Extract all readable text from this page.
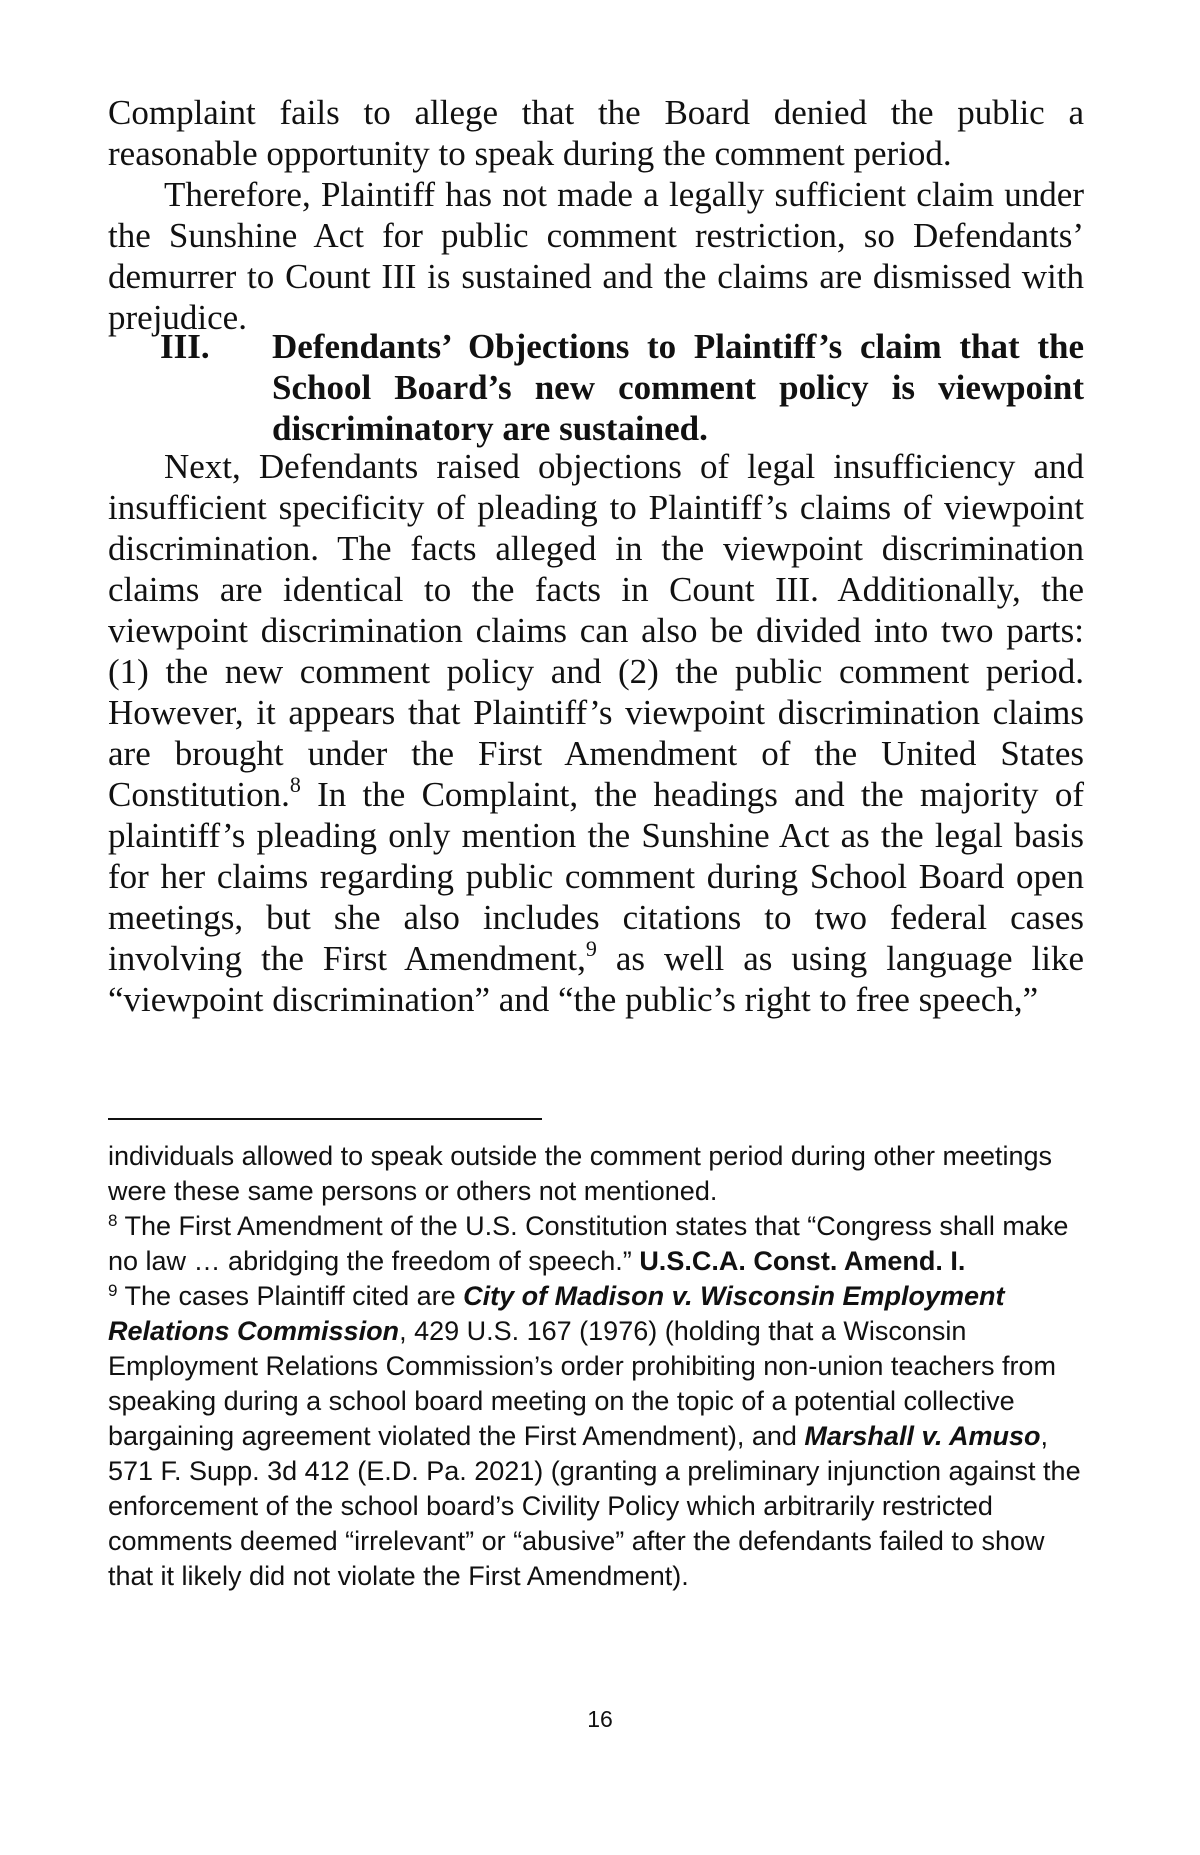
Complaint fails to allege that the Board denied the public a reasonable opportunity to speak during the comment period.

Therefore, Plaintiff has not made a legally sufficient claim under the Sunshine Act for public comment restriction, so Defendants’ demurrer to Count III is sustained and the claims are dismissed with prejudice.

III. Defendants’ Objections to Plaintiff’s claim that the School Board’s new comment policy is viewpoint discriminatory are sustained.

Next, Defendants raised objections of legal insufficiency and insufficient specificity of pleading to Plaintiff’s claims of viewpoint discrimination. The facts alleged in the viewpoint discrimination claims are identical to the facts in Count III. Additionally, the viewpoint discrimination claims can also be divided into two parts: (1) the new comment policy and (2) the public comment period. However, it appears that Plaintiff’s viewpoint discrimination claims are brought under the First Amendment of the United States Constitution.$^8$ In the Complaint, the headings and the majority of plaintiff’s pleading only mention the Sunshine Act as the legal basis for her claims regarding public comment during School Board open meetings, but she also includes citations to two federal cases involving the First Amendment,$^9$ as well as using language like “viewpoint discrimination” and “the public’s right to free speech,”

individuals allowed to speak outside the comment period during other meetings were these same persons or others not mentioned.

$^8$ The First Amendment of the U.S. Constitution states that “Congress shall make no law … abridging the freedom of speech.” U.S.C.A. Const. Amend. I.

$^9$ The cases Plaintiff cited are City of Madison v. Wisconsin Employment Relations Commission, 429 U.S. 167 (1976) (holding that a Wisconsin Employment Relations Commission’s order prohibiting non-union teachers from speaking during a school board meeting on the topic of a potential collective bargaining agreement violated the First Amendment), and Marshall v. Amuso, 571 F. Supp. 3d 412 (E.D. Pa. 2021) (granting a preliminary injunction against the enforcement of the school board’s Civility Policy which arbitrarily restricted comments deemed “irrelevant” or “abusive” after the defendants failed to show that it likely did not violate the First Amendment).

16
